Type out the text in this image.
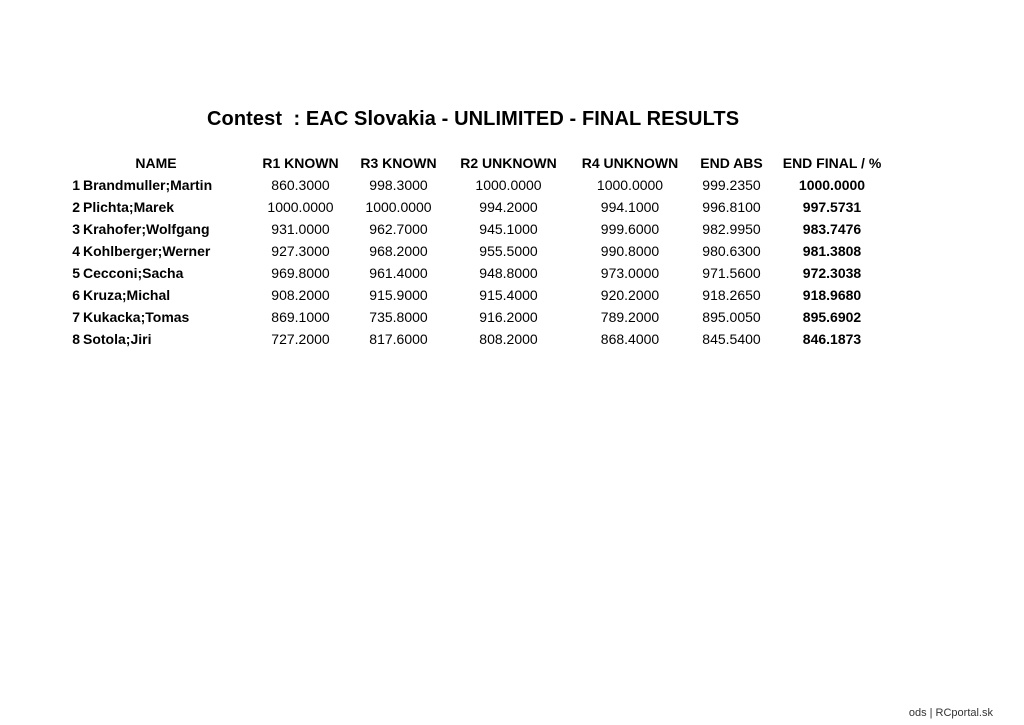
Contest  : EAC Slovakia - UNLIMITED - FINAL RESULTS
NAME		R1 KNOWN	R3 KNOWN	R2 UNKNOWN	R4 UNKNOWN	END ABS	END FINAL / %
1	Brandmuller;Martin	860.3000	998.3000	1000.0000	1000.0000	999.2350	1000.0000
2	Plichta;Marek	1000.0000	1000.0000	994.2000	994.1000	996.8100	997.5731
3	Krahofer;Wolfgang	931.0000	962.7000	945.1000	999.6000	982.9950	983.7476
4	Kohlberger;Werner	927.3000	968.2000	955.5000	990.8000	980.6300	981.3808
5	Cecconi;Sacha	969.8000	961.4000	948.8000	973.0000	971.5600	972.3038
6	Kruza;Michal	908.2000	915.9000	915.4000	920.2000	918.2650	918.9680
7	Kukacka;Tomas	869.1000	735.8000	916.2000	789.2000	895.0050	895.6902
8	Sotola;Jiri	727.2000	817.6000	808.2000	868.4000	845.5400	846.1873
ods | RCportal.sk
